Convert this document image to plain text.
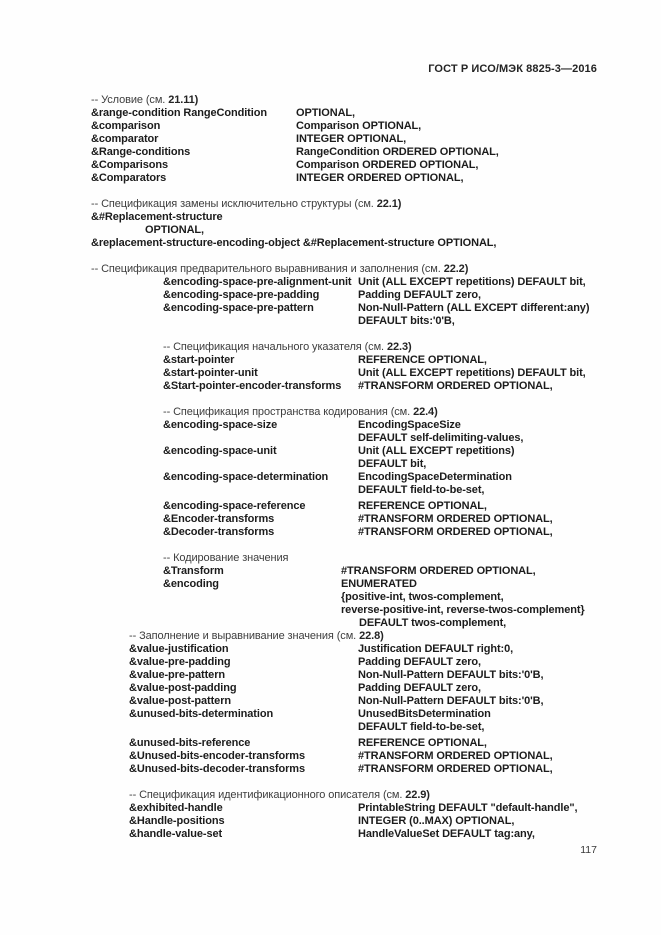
ГОСТ Р ИСО/МЭК 8825-3—2016
-- Условие (см. 21.11)
&range-condition RangeCondition	OPTIONAL,
&comparison	Comparison OPTIONAL,
&comparator	INTEGER OPTIONAL,
&Range-conditions	RangeCondition ORDERED OPTIONAL,
&Comparisons	Comparison ORDERED OPTIONAL,
&Comparators	INTEGER ORDERED OPTIONAL,
-- Спецификация замены исключительно структуры (см. 22.1)
&#Replacement-structure
OPTIONAL,
&replacement-structure-encoding-object &#Replacement-structure OPTIONAL,
-- Спецификация предварительного выравнивания и заполнения (см. 22.2)
&encoding-space-pre-alignment-unit Unit (ALL EXCEPT repetitions) DEFAULT bit,
&encoding-space-pre-padding	Padding DEFAULT zero,
&encoding-space-pre-pattern	Non-Null-Pattern (ALL EXCEPT different:any)
DEFAULT bits:'0'B,
-- Спецификация начального указателя (см. 22.3)
&start-pointer	REFERENCE OPTIONAL,
&start-pointer-unit	Unit (ALL EXCEPT repetitions) DEFAULT bit,
&Start-pointer-encoder-transforms	#TRANSFORM ORDERED OPTIONAL,
-- Спецификация пространства кодирования (см. 22.4)
&encoding-space-size	EncodingSpaceSize
DEFAULT self-delimiting-values,
&encoding-space-unit	Unit (ALL EXCEPT repetitions)
DEFAULT bit,
&encoding-space-determination	EncodingSpaceDetermination
DEFAULT field-to-be-set,
&encoding-space-reference	REFERENCE OPTIONAL,
&Encoder-transforms	#TRANSFORM ORDERED OPTIONAL,
&Decoder-transforms	#TRANSFORM ORDERED OPTIONAL,
-- Кодирование значения
&Transform	#TRANSFORM ORDERED OPTIONAL,
&encoding	ENUMERATED
{positive-int, twos-complement,
reverse-positive-int, reverse-twos-complement}
DEFAULT twos-complement,
-- Заполнение и выравнивание значения (см. 22.8)
&value-justification	Justification DEFAULT right:0,
&value-pre-padding	Padding DEFAULT zero,
&value-pre-pattern	Non-Null-Pattern DEFAULT bits:'0'B,
&value-post-padding	Padding DEFAULT zero,
&value-post-pattern	Non-Null-Pattern DEFAULT bits:'0'B,
&unused-bits-determination	UnusedBitsDetermination
DEFAULT field-to-be-set,
&unused-bits-reference	REFERENCE OPTIONAL,
&Unused-bits-encoder-transforms	#TRANSFORM ORDERED OPTIONAL,
&Unused-bits-decoder-transforms	#TRANSFORM ORDERED OPTIONAL,
-- Спецификация идентификационного описателя (см. 22.9)
&exhibited-handle	PrintableString DEFAULT "default-handle",
&Handle-positions	INTEGER (0..MAX) OPTIONAL,
&handle-value-set	HandleValueSet DEFAULT tag:any,
117
